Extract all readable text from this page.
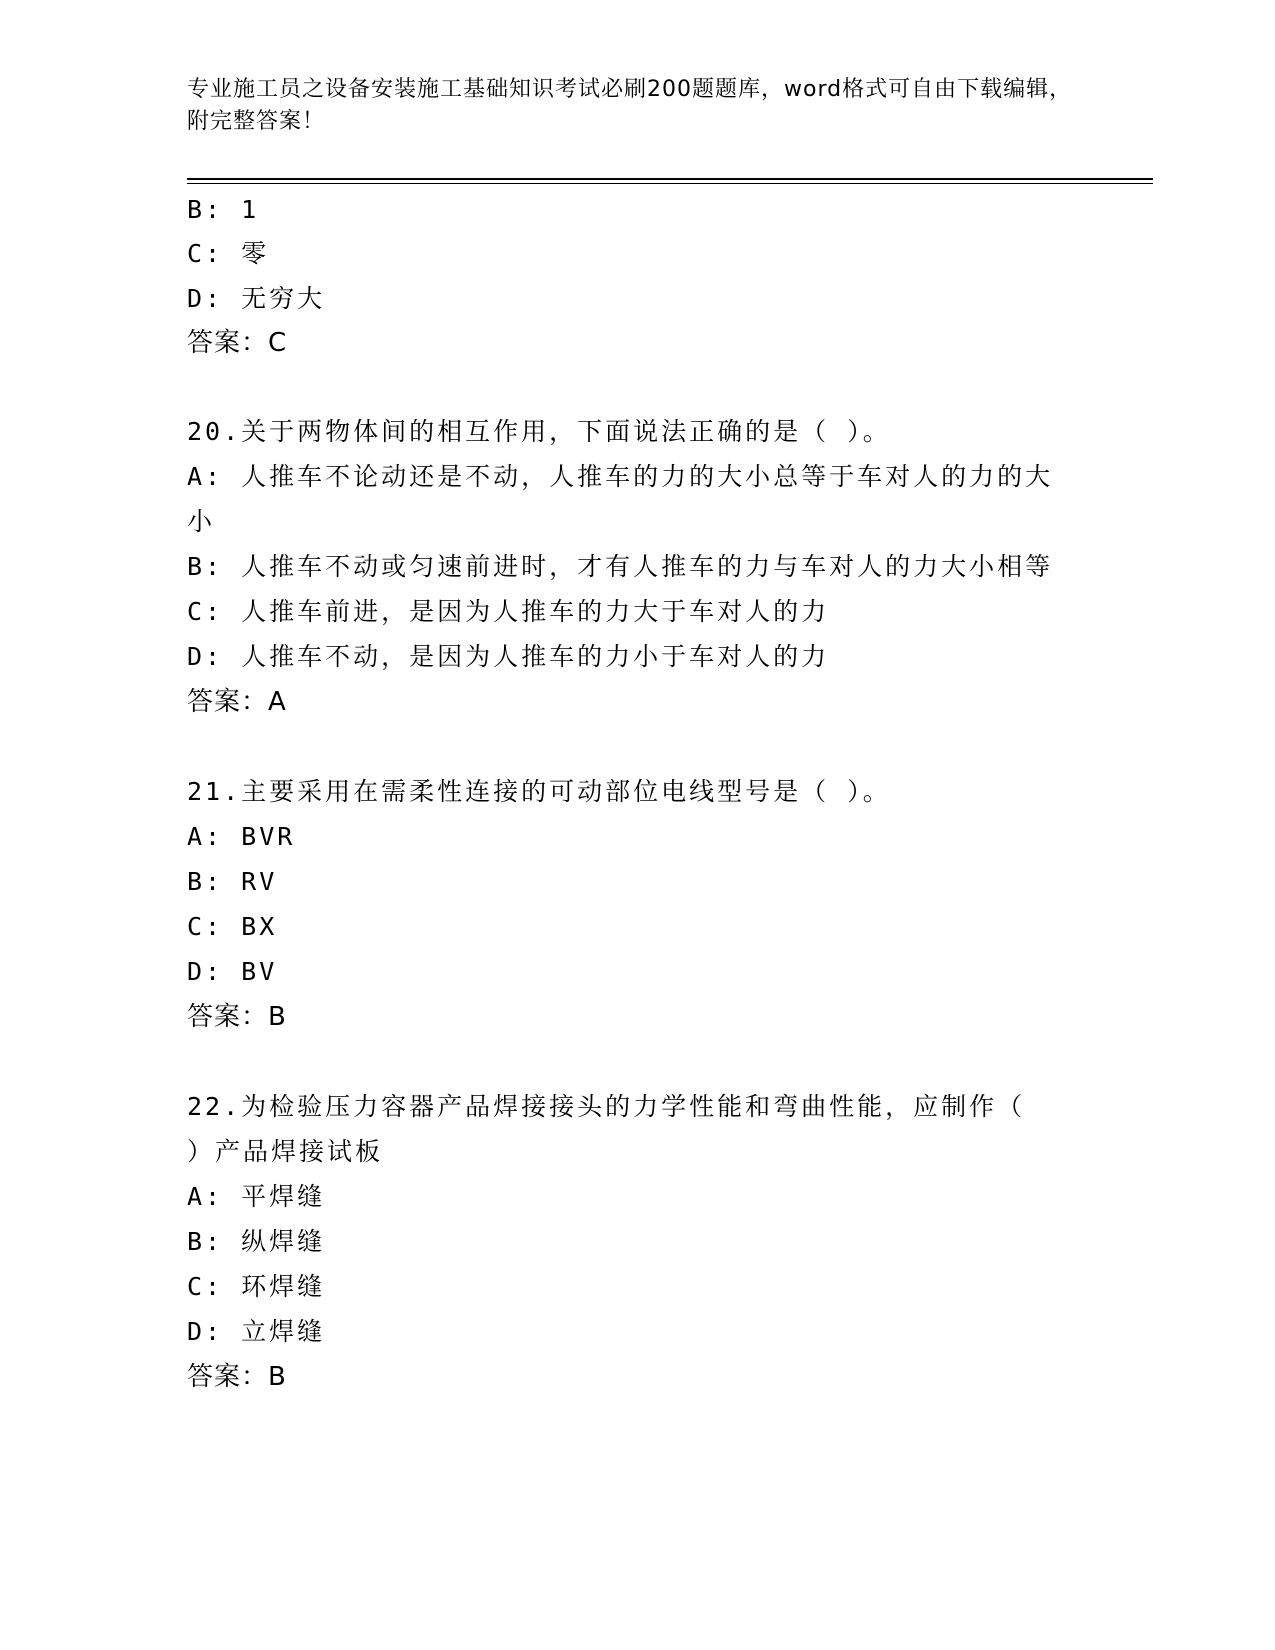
专业施工员之设备安装施工基础知识考试必刷200题题库，word格式可自由下载编辑，附完整答案！
B: 1
C: 零
D: 无穷大
答案：C
20.关于两物体间的相互作用，下面说法正确的是（ ）。
A: 人推车不论动还是不动，人推车的力的大小总等于车对人的力的大
小
B: 人推车不动或匀速前进时，才有人推车的力与车对人的力大小相等
C: 人推车前进，是因为人推车的力大于车对人的力
D: 人推车不动，是因为人推车的力小于车对人的力
答案：A
21.主要采用在需柔性连接的可动部位电线型号是（ ）。
A: BVR
B: RV
C: BX
D: BV
答案：B
22.为检验压力容器产品焊接接头的力学性能和弯曲性能，应制作（
）产品焊接试板
A: 平焊缝
B: 纵焊缝
C: 环焊缝
D: 立焊缝
答案：B
